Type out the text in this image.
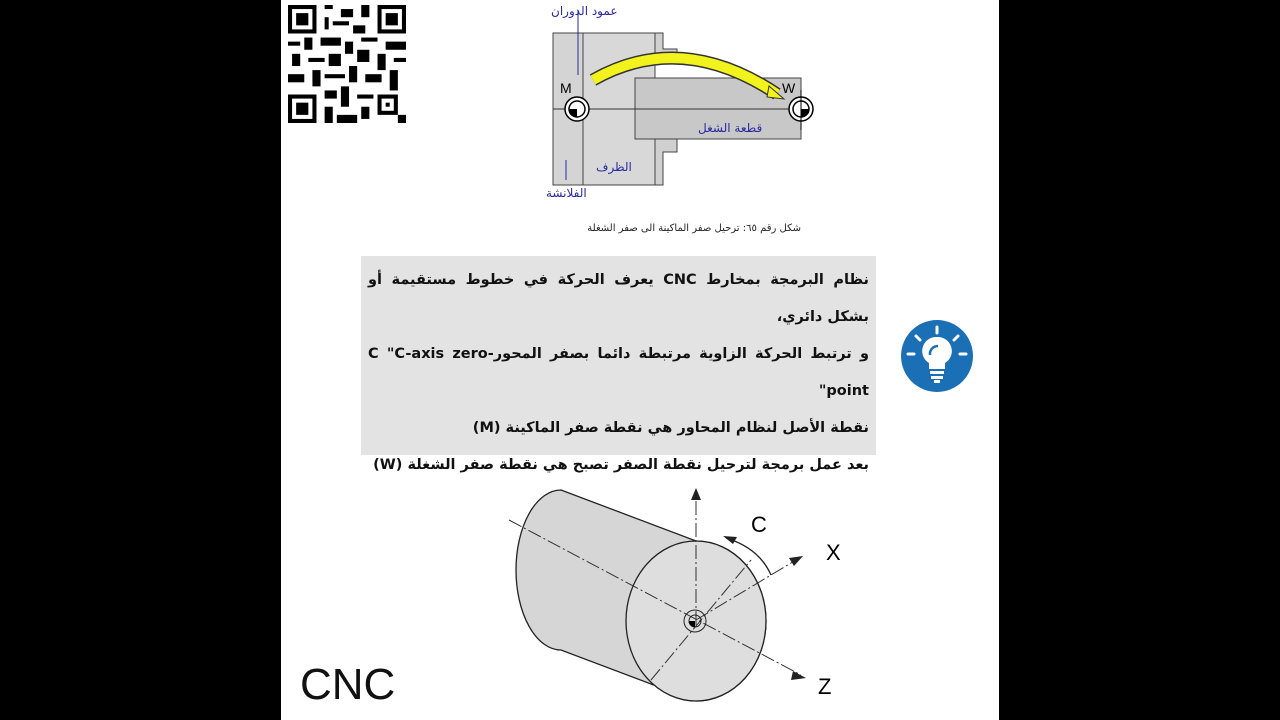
M	W
عمود الدوران
الفلانشة
الظرف
قطعة الشغل
شكل رقم ٦٥: ترحيل صفر الماكينة الى صفر الشغلة

نظام البرمجة بمخارط CNC يعرف الحركة في خطوط مستقيمة أو بشكل دائري،

و ترتبط الحركة الزاوية مرتبطة دائما بصفر المحور-C "C-axis zero point"

نقطة الأصل لنظام المحاور هي نقطة صفر الماكينة (M)

بعد عمل برمجة لترحيل نقطة الصفر تصبح هي نقطة صفر الشغلة (W)

C
X
Z
CNC
